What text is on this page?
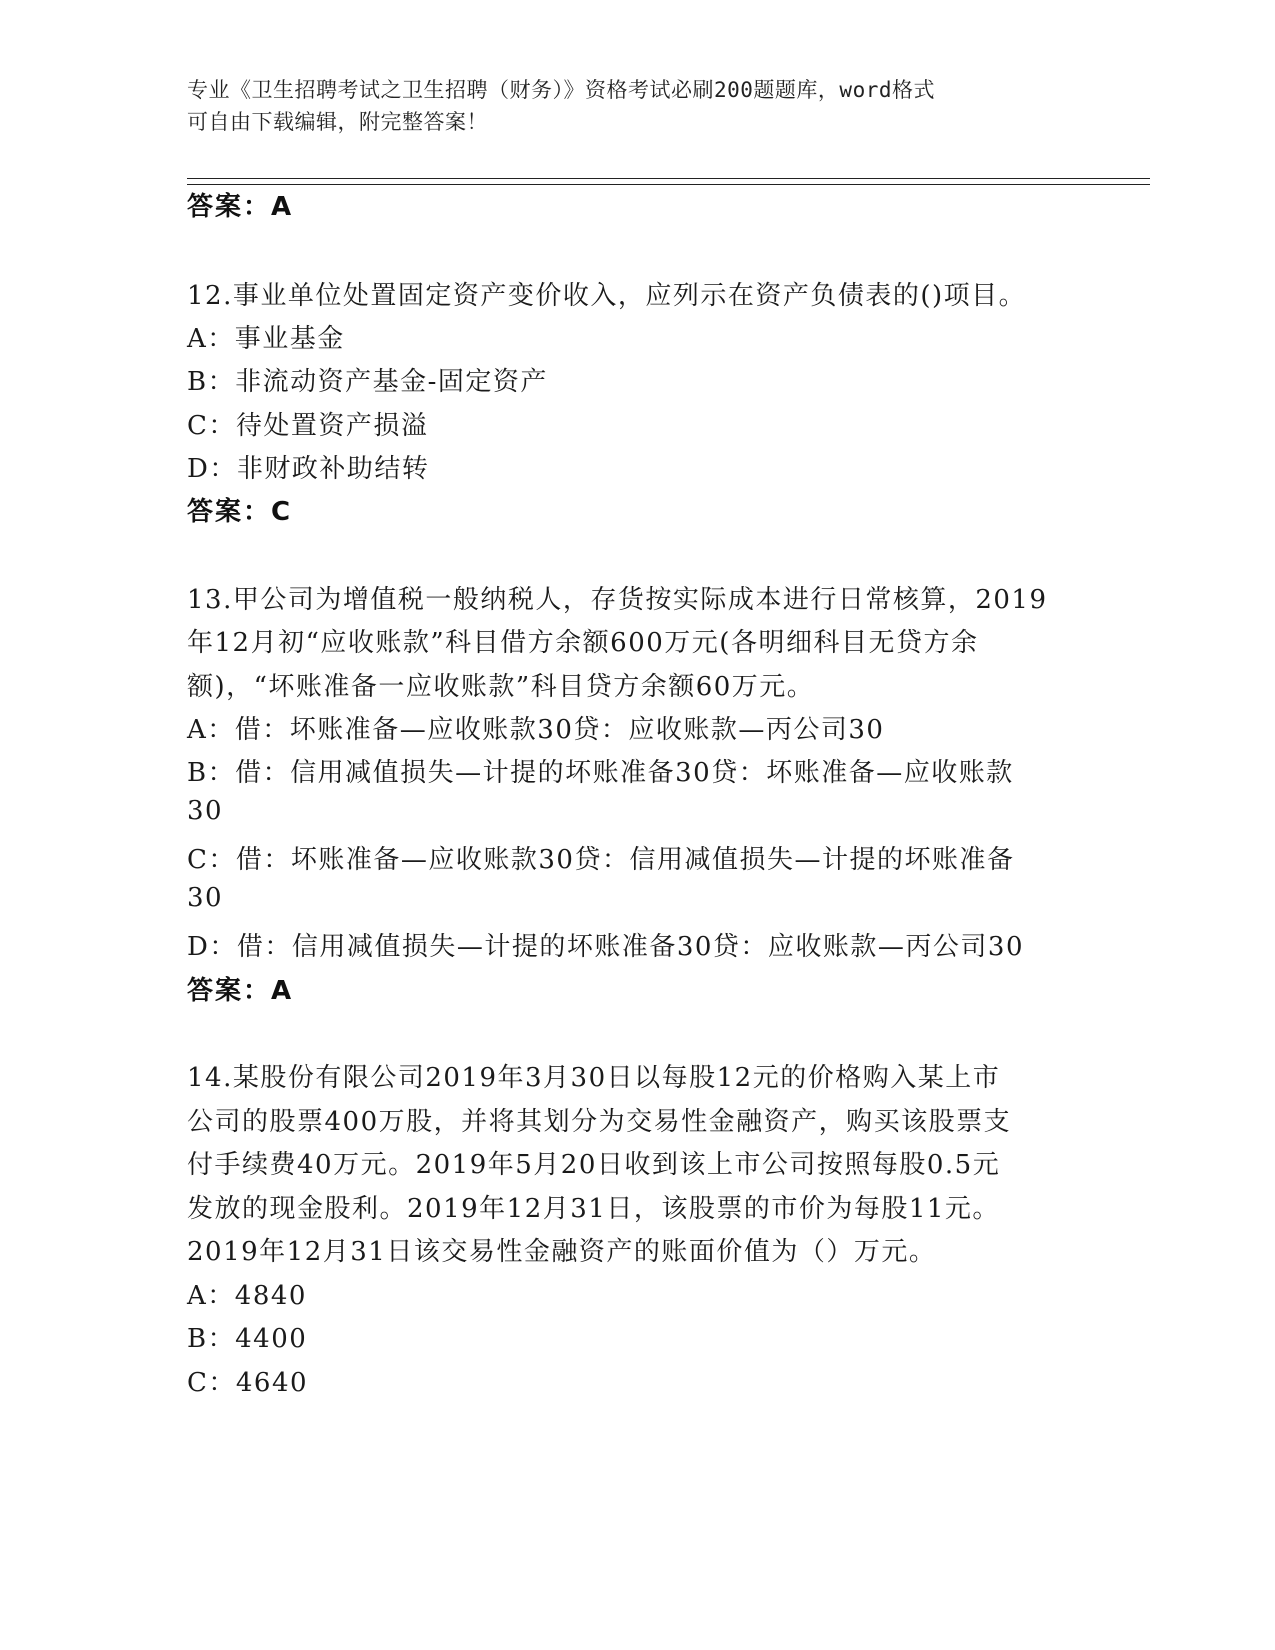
专业《卫生招聘考试之卫生招聘（财务）》资格考试必刷200题题库，word格式
可自由下载编辑，附完整答案！
答案：A
12.事业单位处置固定资产变价收入，应列示在资产负债表的()项目。
A：事业基金
B：非流动资产基金-固定资产
C：待处置资产损溢
D：非财政补助结转
答案：C
13.甲公司为增值税一般纳税人，存货按实际成本进行日常核算，2019
年12月初“应收账款”科目借方余额600万元(各明细科目无贷方余
额)，“坏账准备一应收账款”科目贷方余额60万元。
A：借：坏账准备—应收账款30贷：应收账款—丙公司30
B：借：信用减值损失—计提的坏账准备30贷：坏账准备—应收账款
30
C：借：坏账准备—应收账款30贷：信用减值损失—计提的坏账准备
30
D：借：信用减值损失—计提的坏账准备30贷：应收账款—丙公司30
答案：A
14.某股份有限公司2019年3月30日以每股12元的价格购入某上市
公司的股票400万股，并将其划分为交易性金融资产，购买该股票支
付手续费40万元。2019年5月20日收到该上市公司按照每股0.5元
发放的现金股利。2019年12月31日，该股票的市价为每股11元。
2019年12月31日该交易性金融资产的账面价值为（）万元。
A：4840
B：4400
C：4640
